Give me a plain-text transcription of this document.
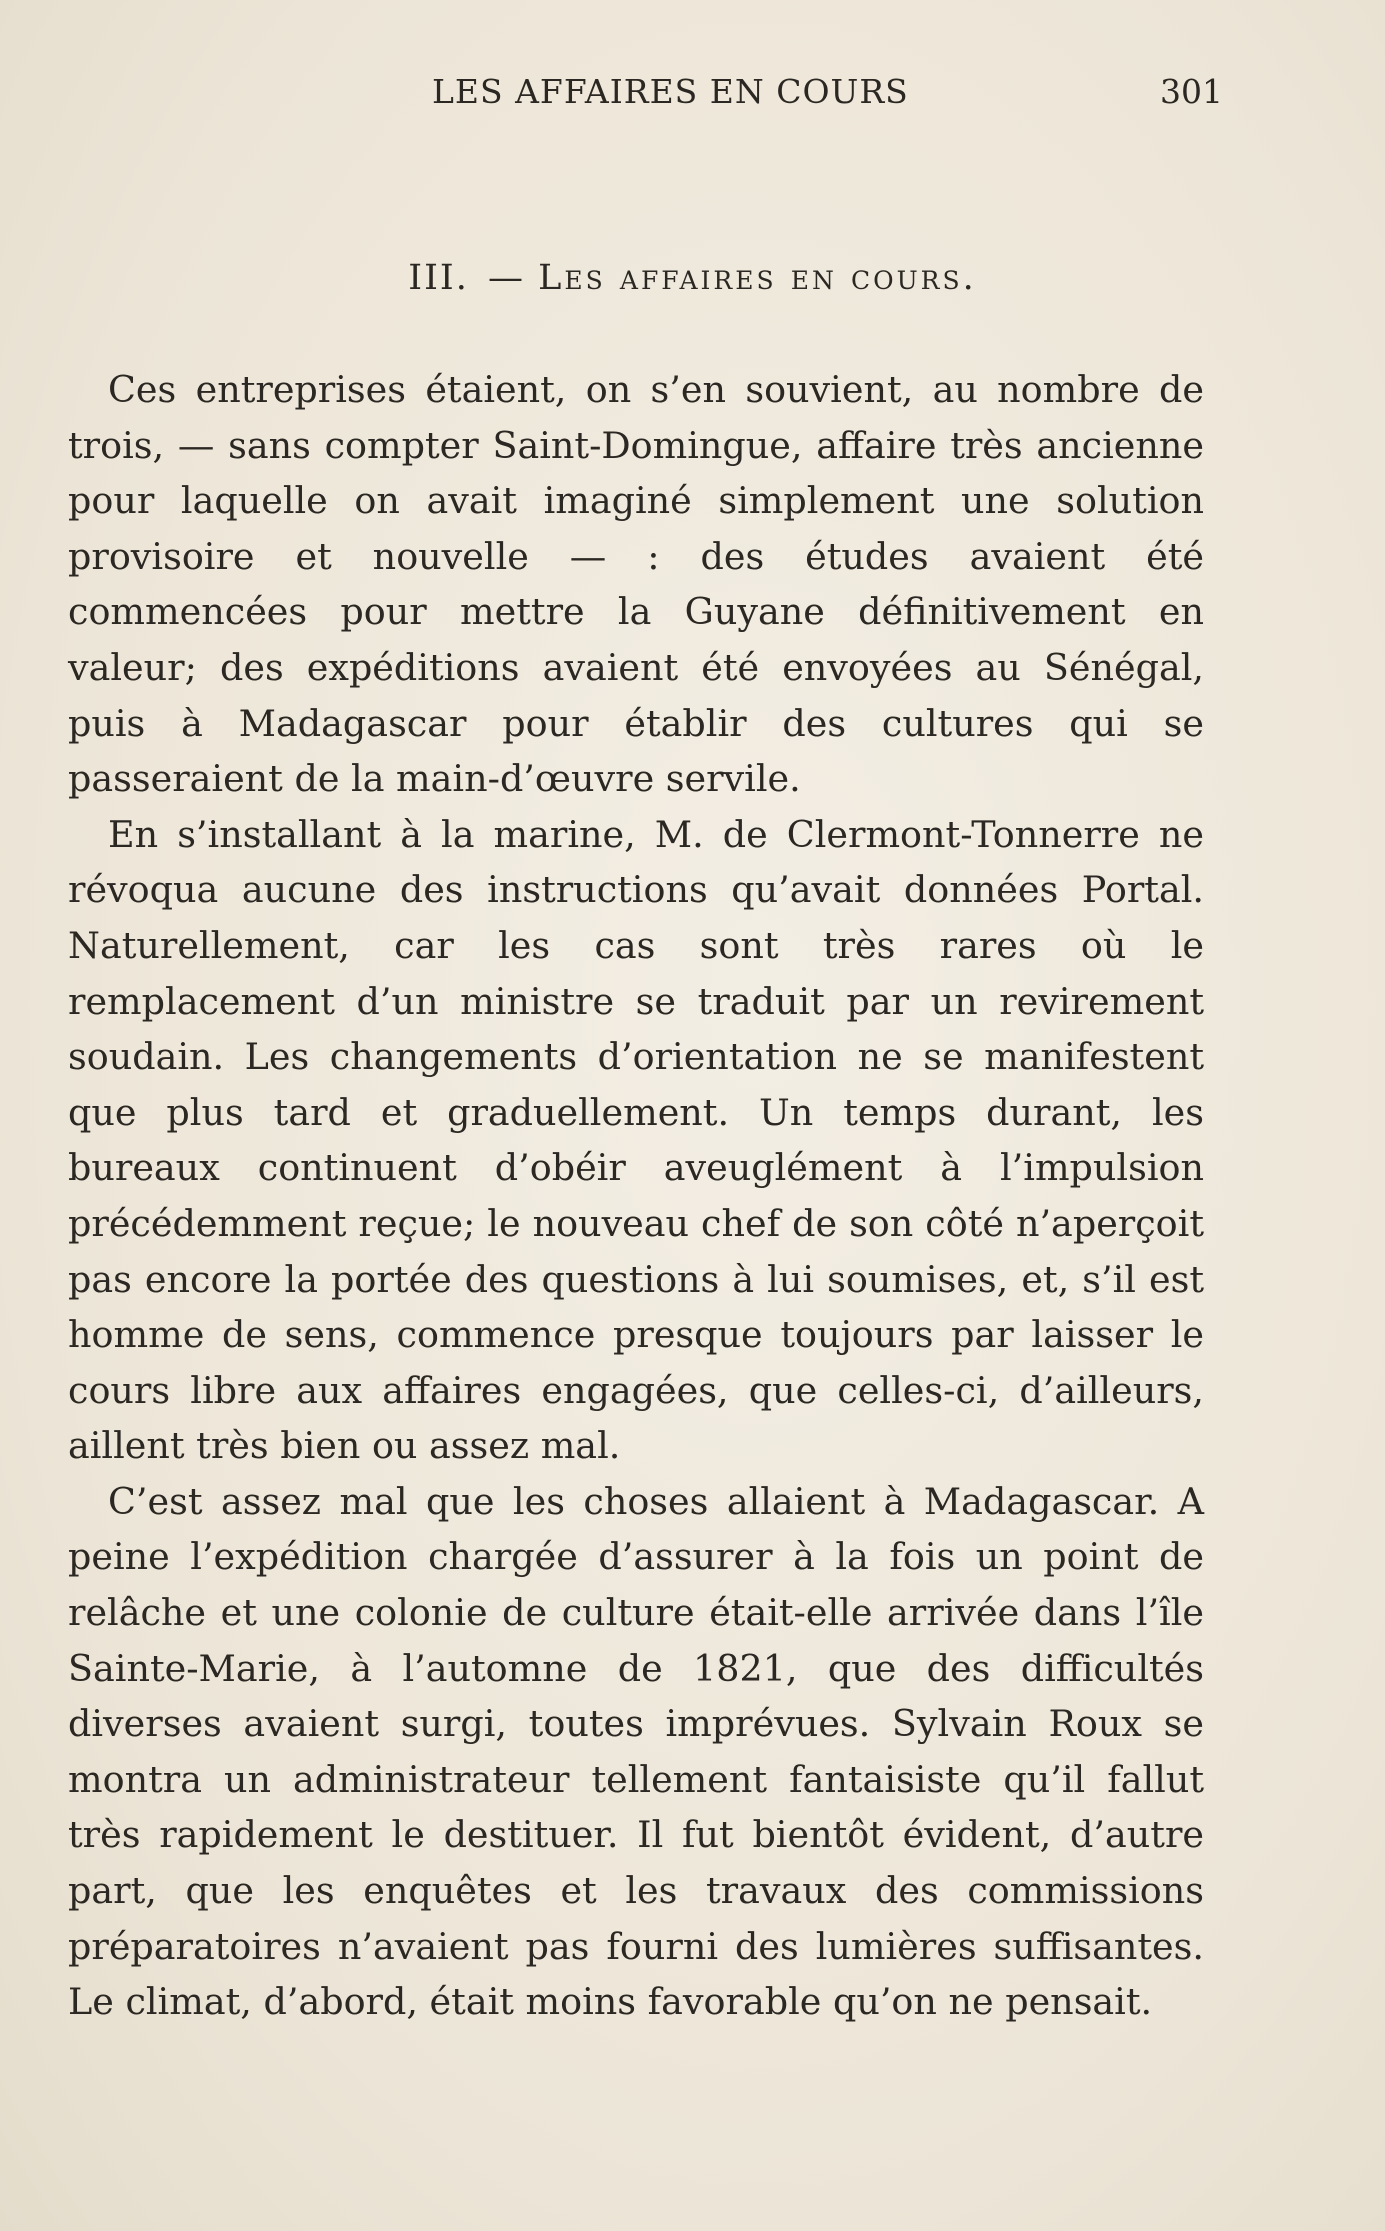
LES AFFAIRES EN COURS	301
III. — Les affaires en cours.

Ces entreprises étaient, on s’en souvient, au nombre de trois, — sans compter Saint-Domingue, affaire très ancienne pour laquelle on avait imaginé simplement une solution provisoire et nouvelle — : des études avaient été commencées pour mettre la Guyane définitivement en valeur; des expéditions avaient été envoyées au Sénégal, puis à Madagascar pour établir des cultures qui se passeraient de la main-d’œuvre servile.

En s’installant à la marine, M. de Clermont-Tonnerre ne révoqua aucune des instructions qu’avait données Portal. Naturellement, car les cas sont très rares où le remplacement d’un ministre se traduit par un revirement soudain. Les changements d’orientation ne se manifestent que plus tard et graduellement. Un temps durant, les bureaux continuent d’obéir aveuglément à l’impulsion précédemment reçue; le nouveau chef de son côté n’aperçoit pas encore la portée des questions à lui soumises, et, s’il est homme de sens, commence presque toujours par laisser le cours libre aux affaires engagées, que celles-ci, d’ailleurs, aillent très bien ou assez mal.

C’est assez mal que les choses allaient à Madagascar. A peine l’expédition chargée d’assurer à la fois un point de relâche et une colonie de culture était-elle arrivée dans l’île Sainte-Marie, à l’automne de 1821, que des difficultés diverses avaient surgi, toutes imprévues. Sylvain Roux se montra un administrateur tellement fantaisiste qu’il fallut très rapidement le destituer. Il fut bientôt évident, d’autre part, que les enquêtes et les travaux des commissions préparatoires n’avaient pas fourni des lumières suffisantes. Le climat, d’abord, était moins favorable qu’on ne pensait.
